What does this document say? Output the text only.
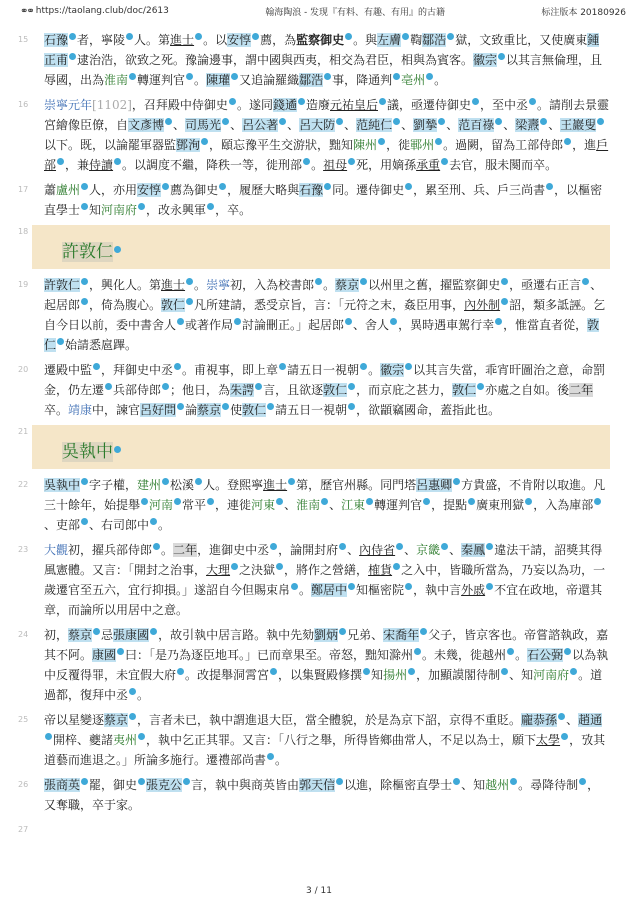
⚭⚭ https://taolang.club/doc/2613	翰海陶浪 - 发现『有料、有趣、有用』的古籍	标注版本 20180926
15	石豫 者，寧陵 人。第進士 。以安惇 薦，為監察御史 。與左膚 鞫鄒浩 獄，文致重比，又使廣東鍾正甫 逮治浩，欲致之死。豫論邊事，謂中國與西夷，相交為君臣，相與為賓客。徽宗 以其言無倫理，且辱國，出為淮南 轉運判官 。陳瓘 又追論羅織鄒浩 事，降通判 亳州 。
16	崇寧元年[1102]，召拜殿中侍御史 。遂同錢遹 造廢元祐皇后 議，亟遷侍御史 ，至中丞 。請削去景靈宮繪像臣僚，自文彥博 、司馬光 、呂公著 、呂大防 、范純仁 、劉摯 、范百祿 、梁燾 、王巖叟以下。既，以論罷軍器監鄧洵 ，頤忘豫平生交游狀，黜知陳州 ，徙鄆州 。過闕，留為工部侍郎 ，進戶部 ，兼侍讀 。以調度不繼，降秩一等，徙刑部 。祖母 死，用嫡孫承重 去官，服未闋而卒。
17	蕭盧州 人，亦用安惇 薦為御史 ，履歷大略與石豫 同。遷侍御史 ，累至刑、兵、戶三尚書 ，以樞密直學士 知河南府 ，改永興軍 ，卒。
18
許敦仁
19	許敦仁 ，興化人。第進士 。崇寧初，入為校書郎 。蔡京 以州里之舊，擢監察御史 ，亟遷右正言 、起居郎 ，倚為腹心。敦仁 凡所建請，悉受京旨，言：「元符之末，姦臣用事，內外制 詔，類多詆誣。乞自今日以前，委中書舍人 或著作局 討論刪正。」起居郎 、舍人 ，異時遇車駕行幸 ，惟當直者從，敦仁 始請悉扈蹕。
20	遷殿中監 ，拜御史中丞 。甫視事，即上章 請五日一視朝 。徽宗 以其言失當，乖宵旰圖治之意，命罰金，仍左遷 兵部侍郎 ；他日，為朱諤 言，且欲逐敦仁 ，而京庇之甚力，敦仁 亦處之自如。後二年卒。靖康中，諫官呂好問 論蔡京 使敦仁 請五日一視朝 ，欲顓竊國命，蓋指此也。
21
吳執中
22	吳執中 字子權，建州 松溪 人。登熙寧進士 第，歷官州縣。同門塔呂惠卿 方貴盛，不肯附以取進。凡三十餘年，始提舉 河南 常平 ，連徙河東 、淮南 、江東 轉運判官 ，提點 廣東刑獄 ，入為庫部、吏部 、右司郎中 。
23	大觀初，擢兵部侍郎 。二年，進御史中丞 ，論開封府 、內侍省 、京畿 、秦鳳 違法干請，詔獎其得風憲體。又言：「開封之治事，大理 之決獄 ，將作之營繕，榷貨 之入中，皆職所當為，乃妄以為功，一歲遷官至五六，宜行抑損。」遂詔自今但賜束帛 。鄭居中 知樞密院 ，執中言外戚 不宜在政地，帝還其章，而論所以用居中之意。
24	初，蔡京 忌張康國 ，故引執中居言路。執中先劾劉炳 兄弟、宋喬年 父子，皆京客也。帝嘗諮執政，嘉其不阿。康國 曰：「是乃為逐臣地耳。」已而章果至。帝怒，黜知滁州 。未幾，徙越州 。石公弼 以為執中反覆得罪，未宜假大府 。改提舉洞霄宮 ，以集賢殿修撰 知揚州 ，加顯謨閣待制 、知河南府 。道過都，復拜中丞 。
25	帝以星變逐蔡京 ，言者未已，執中謂進退大臣，當全體貌，於是為京下詔，京得不重貶。龐恭孫 、趙通開梓、夔諸夷州 ，執中乞正其罪。又言：「八行之舉，所得皆鄉曲常人，不足以為士，願下太學 ，攷其道藝而進退之。」所論多施行。遷禮部尚書 。
26	張商英 罷，御史 張克公 言，執中與商英皆由郭天信 以進，除樞密直學士 、知越州 。尋降待制 ，又奪職，卒于家。
27

3 / 11
